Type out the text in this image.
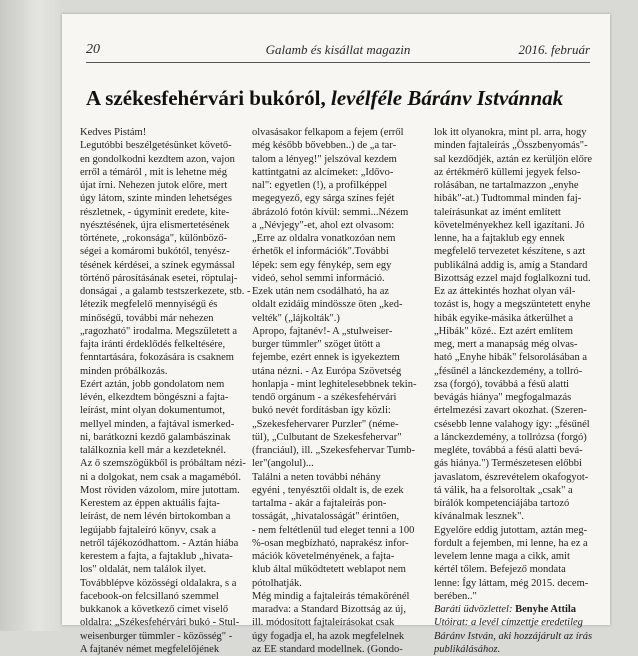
20	Galamb és kisállat magazin	2016. február
A székesfehérvári bukóról, levélféle Báránv Istvánnak
Kedves Pistám!
Legutóbbi beszélgetésünket követő-
en gondolkodni kezdtem azon, vajon
erről a témáról , mit is lehetne még
újat írni. Nehezen jutok előre, mert
úgy látom, szinte minden lehetséges
részletnek, - úgyminit eredete, kite-
nyésztésének, újra elismertetésének
története, „rokonsága", különböző-
ségei a komáromi bukótól, tenyész-
tésének kérdései, a színek egymással
történő párosításának esetei, röptulaj-
donságai , a galamb testszerkezete, stb. -
létezik megfelelő mennyiségű és
minőségű, további már nehezen
„ragozható" irodalma. Megszületett a
fajta iránti érdeklődés felkeltésére,
fenntartására, fokozására is csaknem
minden próbálkozás.
Ezért aztán, jobb gondolatom nem
lévén, elkezdtem böngészni a fajta-
leírást, mint olyan dokumentumot,
mellyel minden, a fajtával ismerked-
ni, barátkozni kezdő galambászinak
találkoznia kell már a kezdeteknél.
Az ő szemszögükből is próbáltam nézi-
ni a dolgokat, nem csak a magaméból.
Most röviden vázolom, mire jutottam.
Kerestem az éppen aktuális fajta-
leírást, de nem lévén birtokomban a
legújabb fajtaleíró könyv, csak a
netről tájékozódhattom. - Aztán hiába
kerestem a fajta, a fajtaklub „hivata-
los" oldalát, nem találok ilyet.
Továbblépve közösségi oldalakra, s a
facebook-on felcsillanó szemmel
bukkanok a következő címet viselő
oldalra: „Székesfehérvári bukó - Stul-
weisenburger tümmler - közösség" -
A fajtanév német megfelelőjének
olvasásakor felkapom a fejem (erről
még később bővebben..) de „a tar-
talom a lényeg!" jelszóval kezdem
kattintgatni az alcímeket: „Idővo-
nal": egyetlen (!), a profilképpel
megegyező, egy sárga színes fejét
ábrázoló fotón kívül: semmi...Nézem
a „Névjegy"-et, ahol ezt olvasom:
„Erre az oldalra vonatkozóan nem
érhetők el információk".További
lépek: sem egy fénykép, sem egy
videó, sehol semmi információ.
Ezek után nem csodálható, ha az
oldalt ezidáig mindössze öten „ked-
velték" („lájkolták".)
Apropo, fajtanév!- A „stulweiser-
burger tümmler" szöget ütött a
fejembe, ezért ennek is igyekeztem
utána nézni. - Az Európa Szövetség
honlapja - mint leghitelesebbnek tekin-
tendő orgánum - a székesfehérvári
bukó nevét fordításban így közli:
„Szekesfehervarer Purzler" (néme-
tül), „Culbutant de Szekesfehervar"
(franciául), ill. „Szekesfehervar Tumb-
ler"(angolul)...
Találni a neten további néhány
egyéni , tenyésztői oldalt is, de ezek
tartalma - akár a fajtaleírás pon-
tosságát, „hivatalosságát" érintően,
- nem feltétlenül tud eleget tenni a 100
%-osan megbízható, naprakész infor-
mációk követelményének, a fajta-
klub által működtetett weblapot nem
pótolhatják.
Még mindig a fajtaleírás témakörénél
maradva: a Standard Bizottság az új,
ill. módosított fajtaleírásokat csak
úgy fogadja el, ha azok megfelelnek
az EE standard modellnek. (Gondo-
lok itt olyanokra, mint pl. arra, hogy
minden fajtaleírás „Összbenyomás"-
sal kezdődjék, aztán ez kerüljön előre
az értékmérő küllemi jegyek felso-
rolásában, ne tartalmazzon „enyhe
hibák"-at.) Tudtommal minden faj-
taleírásunkat az imént említett
követelményekhez kell igazítani. Jó
lenne, ha a fajtaklub egy ennek
megfelelő tervezetet készítene, s azt
publikálná addig is, amíg a Standard
Bizottság ezzel majd foglalkozni tud.
Ez az áttekintés hozhat olyan vál-
tozást is, hogy a megszüntetett enyhe
hibák egyike-másika átkerülhet a
„Hibák" közé.. Ezt azért említem
meg, mert a manapság még olvas-
ható „Enyhe hibák" felsorolásában a
„fésűnél a lánckezdemény, a tollró-
zsa (forgó), továbbá a fésű alatti
bevágás hiánya" megfogalmazás
értelmezési zavart okozhat. (Szeren-
csésebb lenne valahogy így: „fésűnél
a lánckezdemény, a tollrózsa (forgó)
megléte, továbbá a fésű alatti bevá-
gás hiánya.") Természetesen előbbi
javaslatom, észrevételem okafogyot-
tá válik, ha a felsoroltak „csak" a
bírálók kompetenciájába tartozó
kívánalmak lesznek".
Egyelőre eddig jutottam, aztán meg-
fordult a fejemben, mi lenne, ha ez a
levelem lenne maga a cikk, amit
kértél tőlem. Befejező mondata
lenne: Így láttam, még 2015. decem-
berében.."
Baráti üdvözlettel: Benyhe Attila
Utóirat: a levél címzettje eredetileg
Báránv István, aki hozzájárult az írás
publikálásához.
